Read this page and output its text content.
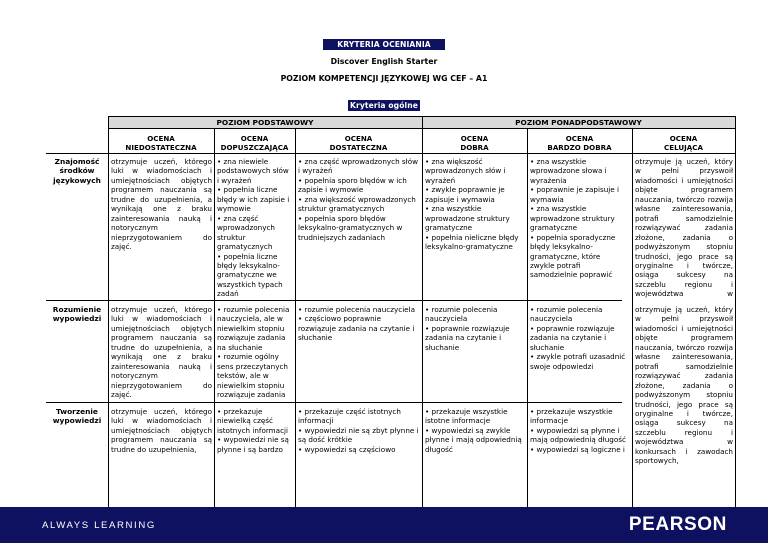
KRYTERIA OCENIANIA
Discover English Starter
POZIOM KOMPETENCJI JĘZYKOWEJ WG CEF – A1
Kryteria ogólne
POZIOM PODSTAWOWY	POZIOM PONADPODSTAWOWY
OCENA
NIEDOSTATECZNA
OCENA
DOPUSZCZAJĄCA
OCENA
DOSTATECZNA
OCENA
DOBRA
OCENA
BARDZO DOBRA
OCENA
CELUJĄCA
Znajomość
środków
językowych
otrzymuje uczeń, którego luki w wiadomościach i umiejętnościach objętych programem nauczania są trudne do uzupełnienia, a wynikają one z braku zainteresowania nauką i notorycznym nieprzygotowaniem do zajęć.
• zna niewiele
podstawowych słów i wyrażeń
• popełnia liczne
błędy w ich zapisie i wymowie
• zna część
wprowadzonych
struktur
gramatycznych
• popełnia liczne
błędy leksykalno-
gramatyczne we
wszystkich typach
zadań
• zna część wprowadzonych słów i wyrażeń
• popełnia sporo błędów w ich
zapisie i wymowie
• zna większość wprowadzonych
struktur gramatycznych
• popełnia sporo błędów
leksykalno-gramatycznych w
trudniejszych zadaniach
• zna większość
wprowadzonych słów i
wyrażeń
• zwykle poprawnie je
zapisuje i wymawia
• zna wszystkie
wprowadzone struktury
gramatyczne
• popełnia nieliczne błędy
leksykalno-gramatyczne
• zna wszystkie
wprowadzone słowa i
wyrażenia
• poprawnie je zapisuje i
wymawia
• zna wszystkie
wprowadzone struktury
gramatyczne
• popełnia sporadyczne
błędy leksykalno-
gramatyczne, które
zwykle potrafi
samodzielnie poprawić
otrzymuje ją uczeń, który w pełni przyswoił wiadomości i umiejętności objęte programem nauczania, twórczo rozwija własne zainteresowania, potrafi samodzielnie rozwiązywać zadania złożone, zadania o podwyższonym stopniu trudności, jego prace są oryginalne i twórcze, osiąga sukcesy na szczeblu regionu i województwa w
Rozumienie
wypowiedzi
otrzymuje uczeń, którego luki w wiadomościach i umiejętnościach objętych programem nauczania są trudne do uzupełnienia, a wynikają one z braku zainteresowania nauką i notorycznym nieprzygotowaniem do zajęć.
• rozumie polecenia
nauczyciela, ale w
niewielkim stopniu
rozwiązuje zadania
na słuchanie
• rozumie ogólny
sens przeczytanych
tekstów, ale w
niewielkim stopniu
rozwiązuje zadania

• rozumie polecenia nauczyciela
• częściowo poprawnie
rozwiązuje zadania na czytanie i
słuchanie
• rozumie polecenia
nauczyciela
• poprawnie rozwiązuje
zadania na czytanie i
słuchanie
• rozumie polecenia
nauczyciela
• poprawnie rozwiązuje
zadania na czytanie i
słuchanie
• zwykle potrafi uzasadnić
swoje odpowiedzi
otrzymuje ją uczeń, który w pełni przyswoił wiadomości i umiejętności objęte programem nauczania, twórczo rozwija własne zainteresowania, potrafi samodzielnie rozwiązywać zadania złożone, zadania o podwyższonym stopniu trudności, jego prace są oryginalne i twórcze, osiąga sukcesy na szczeblu regionu i województwa w konkursach i zawodach sportowych,
Tworzenie
wypowiedzi
otrzymuje uczeń, którego luki w wiadomościach i umiejętnościach objętych programem nauczania są trudne do uzupełnienia,
• przekazuje
niewielką część
istotnych informacji
• wypowiedzi nie są
płynne i są bardzo
• przekazuje część istotnych
informacji
• wypowiedzi nie są zbyt płynne i
są dość krótkie
• wypowiedzi są częściowo
• przekazuje wszystkie
istotne informacje
• wypowiedzi są zwykle
płynne i mają odpowiednią
długość
• przekazuje wszystkie
informacje
• wypowiedzi są płynne i
mają odpowiednią długość
• wypowiedzi są logiczne i
ALWAYS LEARNING	PEARSON
